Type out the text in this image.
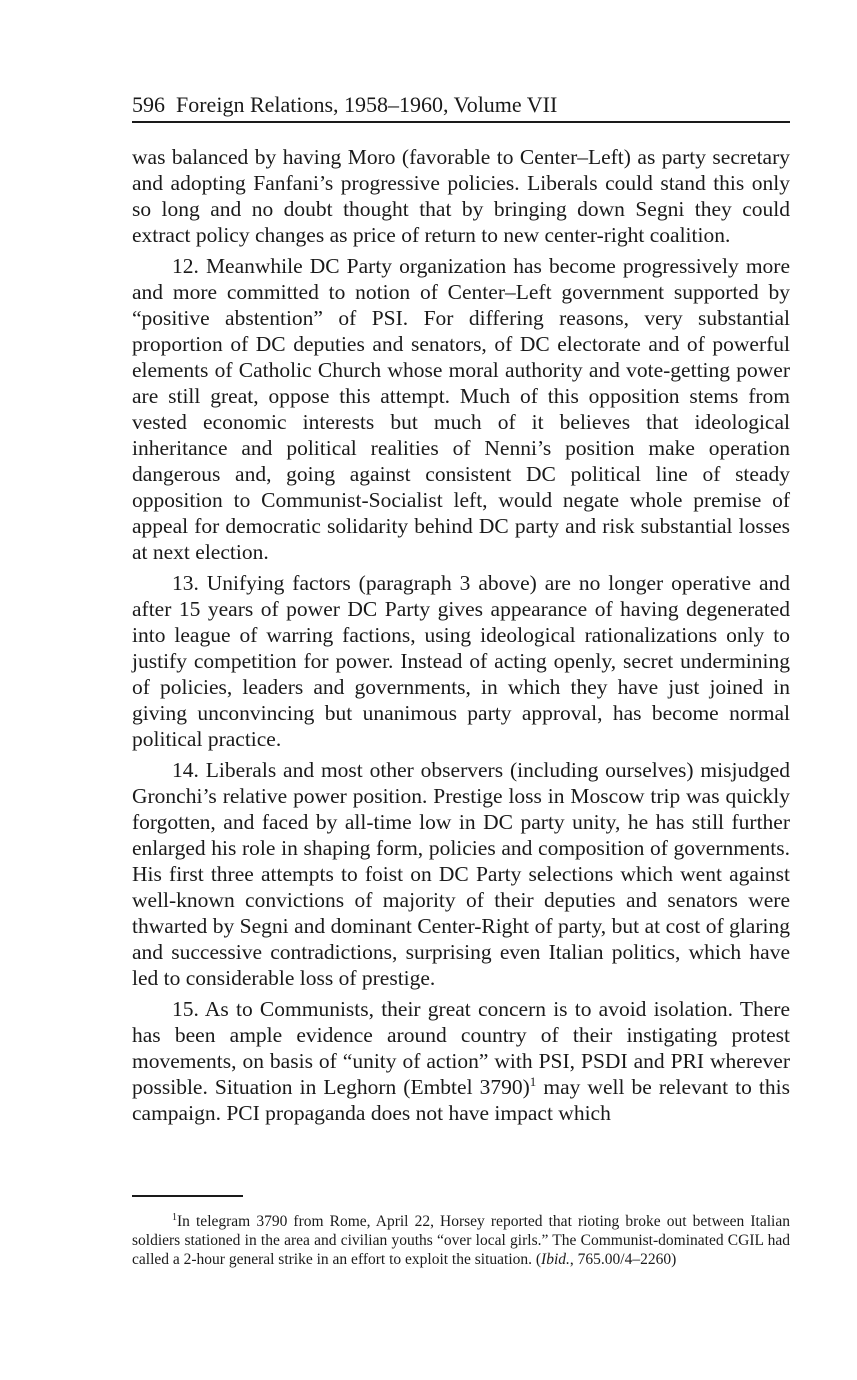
596 Foreign Relations, 1958–1960, Volume VII

was balanced by having Moro (favorable to Center–Left) as party secretary and adopting Fanfani’s progressive policies. Liberals could stand this only so long and no doubt thought that by bringing down Segni they could extract policy changes as price of return to new center-right coalition.

12. Meanwhile DC Party organization has become progressively more and more committed to notion of Center–Left government supported by “positive abstention” of PSI. For differing reasons, very substantial proportion of DC deputies and senators, of DC electorate and of powerful elements of Catholic Church whose moral authority and vote-getting power are still great, oppose this attempt. Much of this opposition stems from vested economic interests but much of it believes that ideological inheritance and political realities of Nenni’s position make operation dangerous and, going against consistent DC political line of steady opposition to Communist-Socialist left, would negate whole premise of appeal for democratic solidarity behind DC party and risk substantial losses at next election.

13. Unifying factors (paragraph 3 above) are no longer operative and after 15 years of power DC Party gives appearance of having degenerated into league of warring factions, using ideological rationalizations only to justify competition for power. Instead of acting openly, secret undermining of policies, leaders and governments, in which they have just joined in giving unconvincing but unanimous party approval, has become normal political practice.

14. Liberals and most other observers (including ourselves) misjudged Gronchi’s relative power position. Prestige loss in Moscow trip was quickly forgotten, and faced by all-time low in DC party unity, he has still further enlarged his role in shaping form, policies and composition of governments. His first three attempts to foist on DC Party selections which went against well-known convictions of majority of their deputies and senators were thwarted by Segni and dominant Center-Right of party, but at cost of glaring and successive contradictions, surprising even Italian politics, which have led to considerable loss of prestige.

15. As to Communists, their great concern is to avoid isolation. There has been ample evidence around country of their instigating protest movements, on basis of “unity of action” with PSI, PSDI and PRI wherever possible. Situation in Leghorn (Embtel 3790)$^1$ may well be relevant to this campaign. PCI propaganda does not have impact which

$^1$In telegram 3790 from Rome, April 22, Horsey reported that rioting broke out between Italian soldiers stationed in the area and civilian youths “over local girls.” The Communist-dominated CGIL had called a 2-hour general strike in an effort to exploit the situation. (Ibid., 765.00/4–2260)
